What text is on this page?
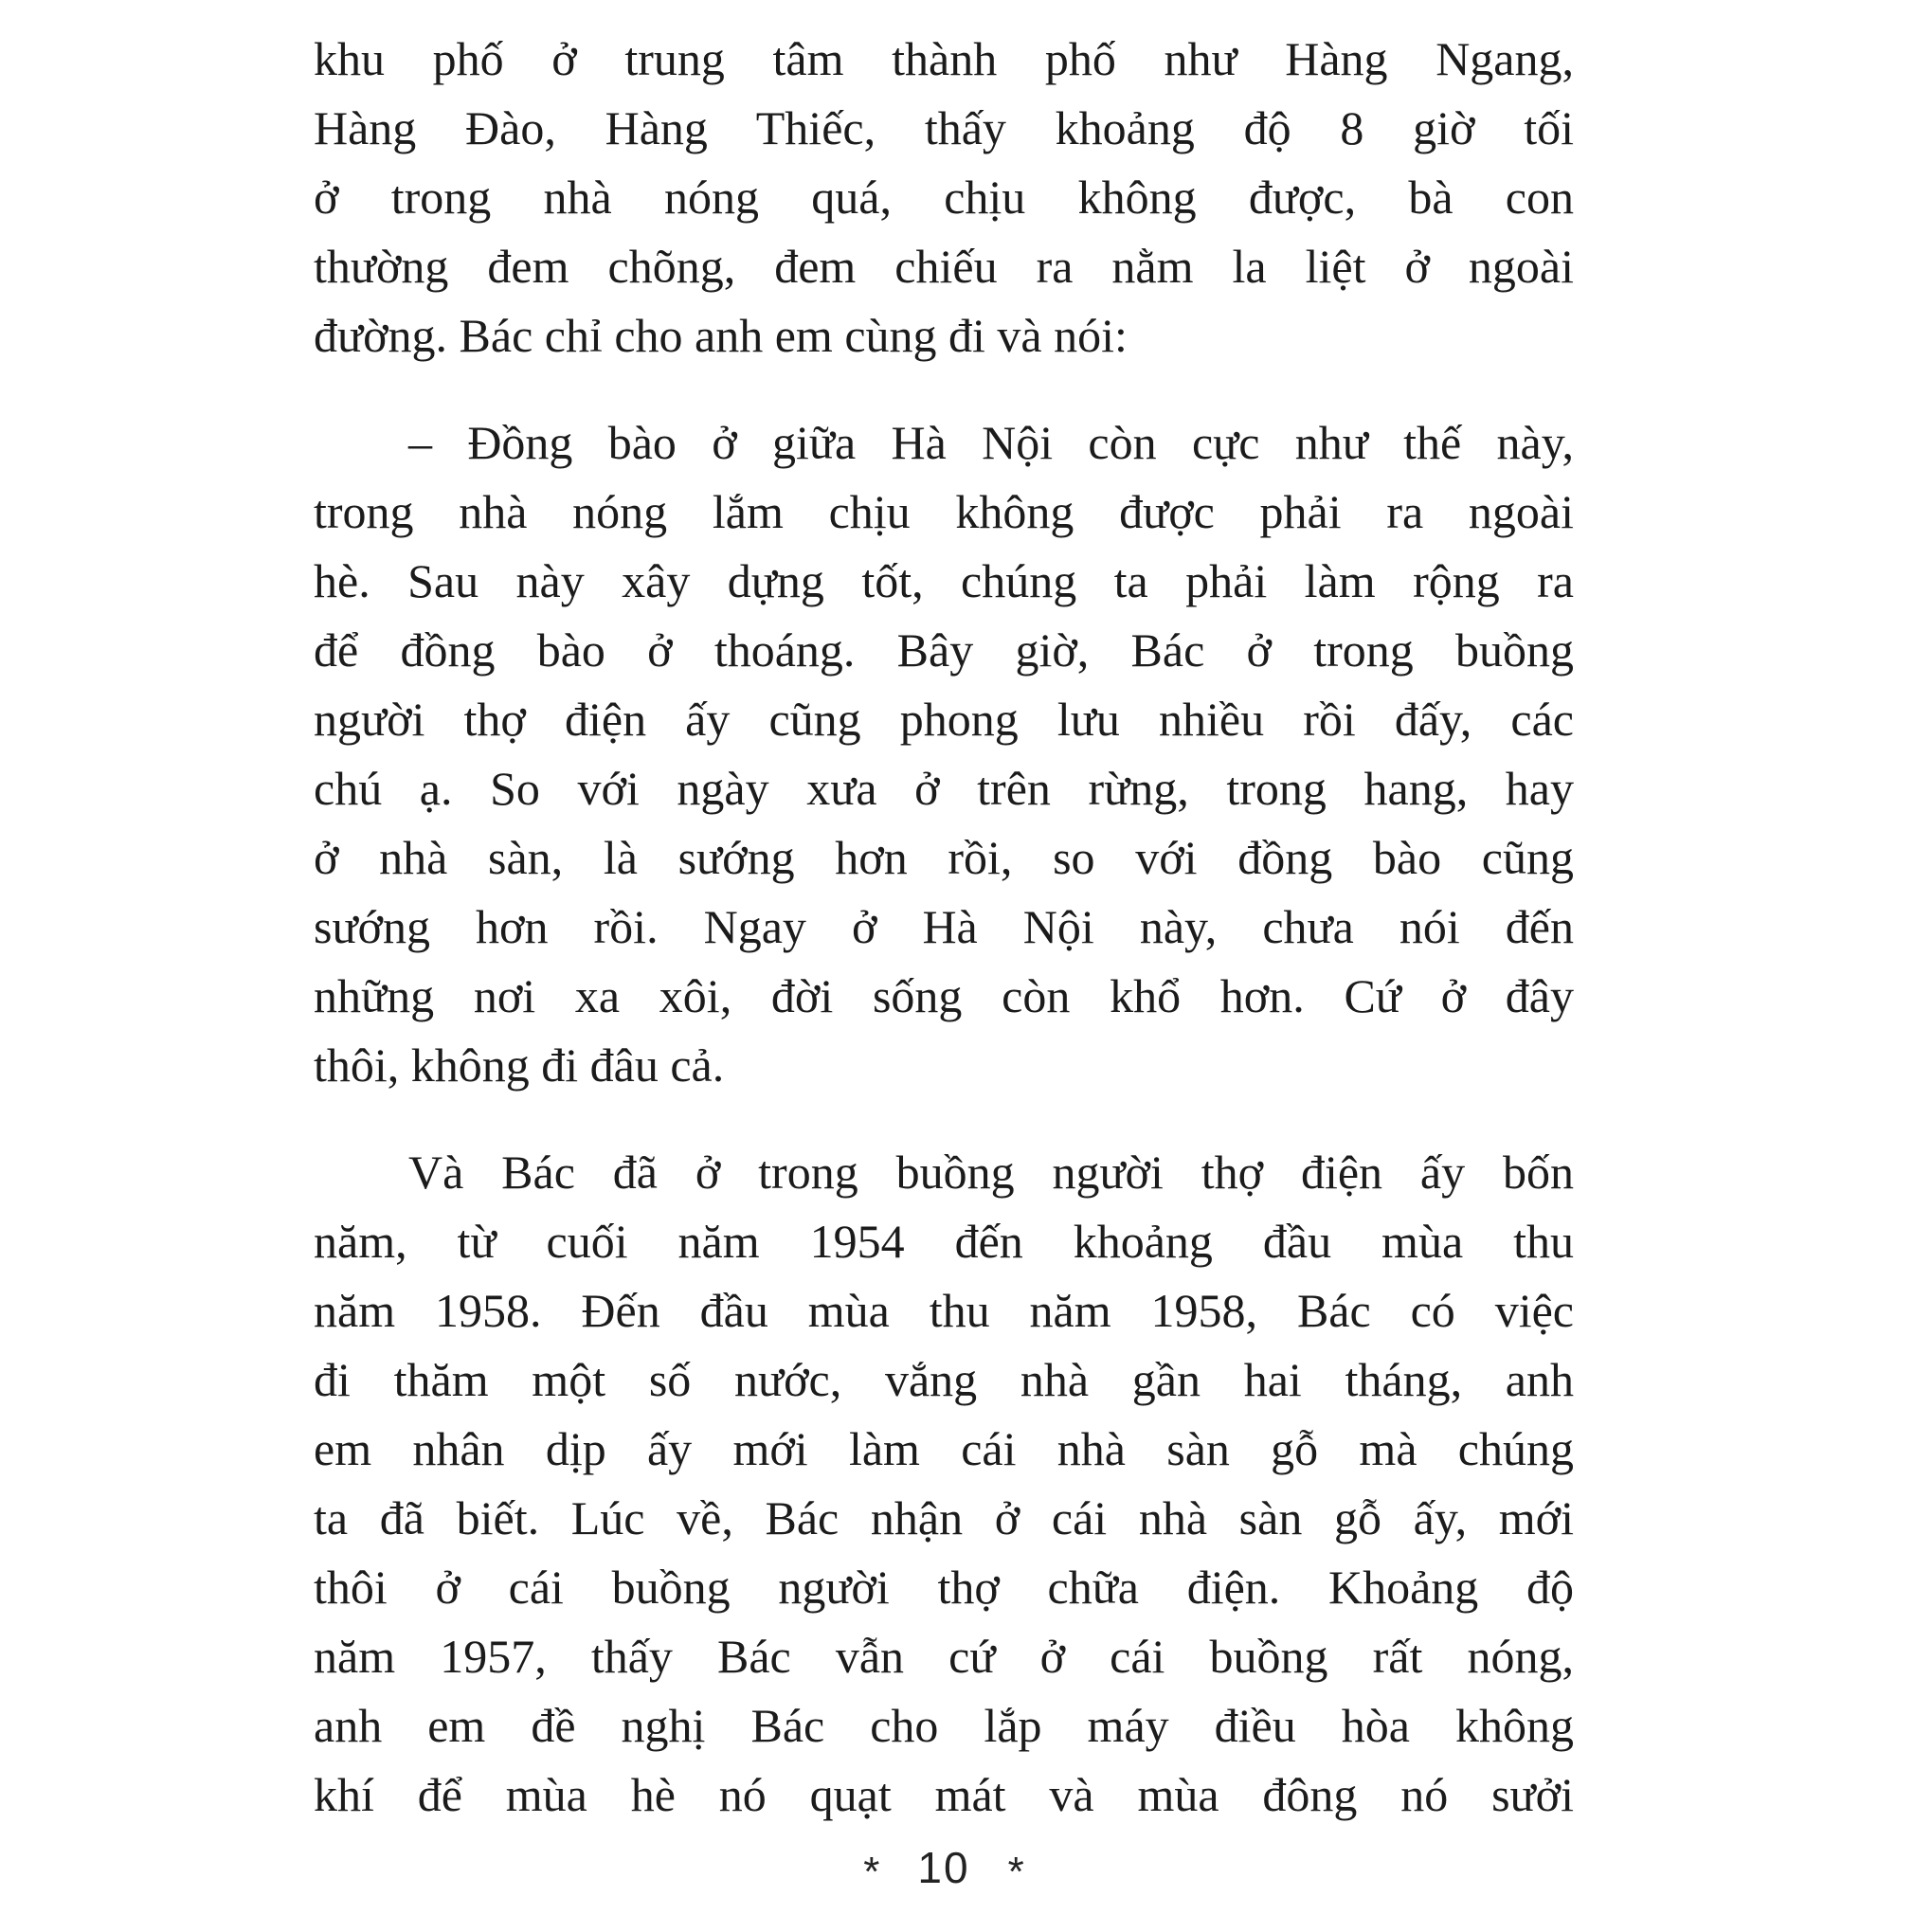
khu phố ở trung tâm thành phố như Hàng Ngang,
Hàng Đào, Hàng Thiếc, thấy khoảng độ 8 giờ tối
ở trong nhà nóng quá, chịu không được, bà con
thường đem chõng, đem chiếu ra nằm la liệt ở ngoài
đường. Bác chỉ cho anh em cùng đi và nói:
– Đồng bào ở giữa Hà Nội còn cực như thế này,
trong nhà nóng lắm chịu không được phải ra ngoài
hè. Sau này xây dựng tốt, chúng ta phải làm rộng ra
để đồng bào ở thoáng. Bây giờ, Bác ở trong buồng
người thợ điện ấy cũng phong lưu nhiều rồi đấy, các
chú ạ. So với ngày xưa ở trên rừng, trong hang, hay
ở nhà sàn, là sướng hơn rồi, so với đồng bào cũng
sướng hơn rồi. Ngay ở Hà Nội này, chưa nói đến
những nơi xa xôi, đời sống còn khổ hơn. Cứ ở đây
thôi, không đi đâu cả.
Và Bác đã ở trong buồng người thợ điện ấy bốn
năm, từ cuối năm 1954 đến khoảng đầu mùa thu
năm 1958. Đến đầu mùa thu năm 1958, Bác có việc
đi thăm một số nước, vắng nhà gần hai tháng, anh
em nhân dịp ấy mới làm cái nhà sàn gỗ mà chúng
ta đã biết. Lúc về, Bác nhận ở cái nhà sàn gỗ ấy, mới
thôi ở cái buồng người thợ chữa điện. Khoảng độ
năm 1957, thấy Bác vẫn cứ ở cái buồng rất nóng,
anh em đề nghị Bác cho lắp máy điều hòa không
khí để mùa hè nó quạt mát và mùa đông nó sưởi
* 10 *
